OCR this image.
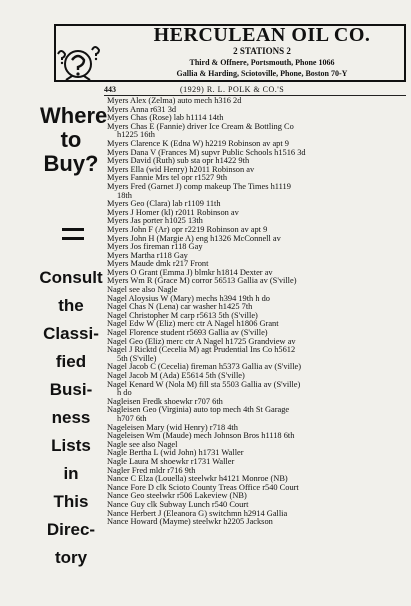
HERCULEAN OIL CO.
2 STATIONS 2
Third & Offnere, Portsmouth, Phone 1066
Gallia & Harding, Sciotoville, Phone, Boston 70-Y
443	(1929) R. L. POLK & CO.'S
Where
to
Buy?
Consult
the
Classi-
fied
Busi-
ness
Lists
in
This
Direc-
tory
Myers Alex (Zelma) auto mech h316 2d
Myers Anna r631 3d
Myers Chas (Rose) lab h1114 14th
Myers Chas E (Fannie) driver Ice Cream & Bottling Co
h1225 16th
Myers Clarence K (Edna W) h2219 Robinson av apt 9
Myers Dana V (Frances M) supvr Public Schools h1516 3d
Myers David (Ruth) sub sta opr h1422 9th
Myers Ella (wid Henry) h2011 Robinson av
Myers Fannie Mrs tel opr r1527 9th
Myers Fred (Garnet J) comp makeup The Times h1119
18th
Myers Geo (Clara) lab r1109 11th
Myers J Homer (kl) r2011 Robinson av
Myers Jas porter h1025 13th
Myers John F (Ar) opr r2219 Robinson av apt 9
Myers John H (Margie A) eng h1326 McConnell av
Myers Jos fireman r118 Gay
Myers Martha r118 Gay
Myers Maude dmk r217 Front
Myers O Grant (Emma J) blmkr h1814 Dexter av
Myers Wm R (Grace M) corror 56513 Gallia av (S'ville)
Nagel see also Nagle
Nagel Aloysius W (Mary) mechs h394 19th h do
Nagel Chas N (Lena) car washer h1425 7th
Nagel Christopher M carp r5613 5th (S'ville)
Nagel Edw W (Eliz) merc ctr A Nagel h1806 Grant
Nagel Florence student r5693 Gallia av (S'ville)
Nagel Geo (Eliz) merc ctr A Nagel h1725 Grandview av
Nagel J Ricktd (Cecelia M) agt Prudential Ins Co h5612
5th (S'ville)
Nagel Jacob C (Cecelia) fireman h5373 Gallia av (S'ville)
Nagel Jacob M (Ada) E5614 5th (S'ville)
Nagel Kenard W (Nola M) fill sta 5503 Gallia av (S'ville)
h do
Nagleisen Fredk shoewkr r707 6th
Nagleisen Geo (Virginia) auto top mech 4th St Garage
h707 6th
Nageleisen Mary (wid Henry) r718 4th
Nageleisen Wm (Maude) mech Johnson Bros h1118 6th
Nagle see also Nagel
Nagle Bertha L (wid John) h1731 Waller
Nagle Laura M shoewkr r1731 Waller
Nagler Fred mldr r716 9th
Nance C Elza (Louella) steelwkr h4121 Monroe (NB)
Nance Fore D clk Scioto County Treas Office r540 Court
Nance Geo steelwkr r506 Lakeview (NB)
Nance Guy clk Subway Lunch r540 Court
Nance Herbert J (Eleanora G) switchmn h2914 Gallia
Nance Howard (Mayme) steelwkr h2205 Jackson
